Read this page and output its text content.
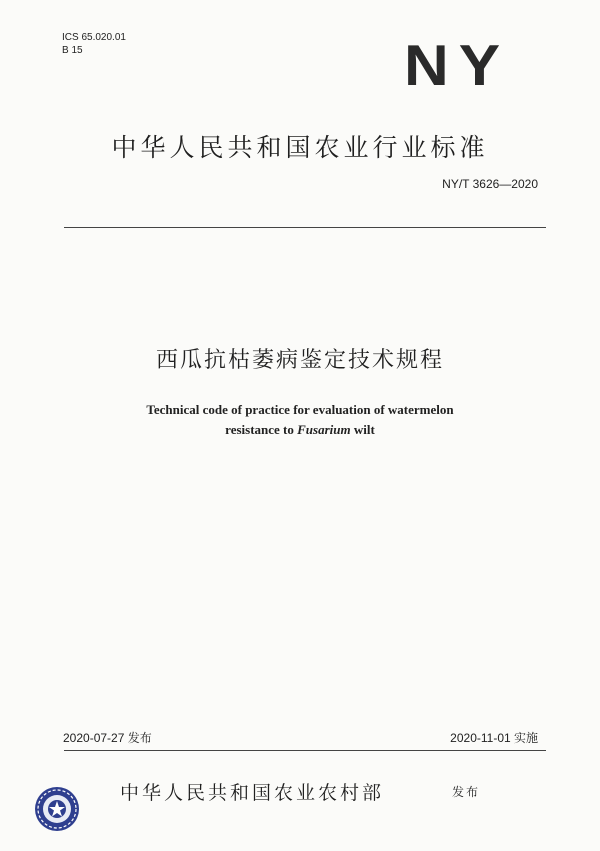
ICS 65.020.01
B 15	NY
中华人民共和国农业行业标准
NY/T 3626—2020
西瓜抗枯萎病鉴定技术规程
Technical code of practice for evaluation of watermelon
resistance to Fusarium wilt
2020-07-27 发布	2020-11-01 实施
中华人民共和国农业农村部	发布
